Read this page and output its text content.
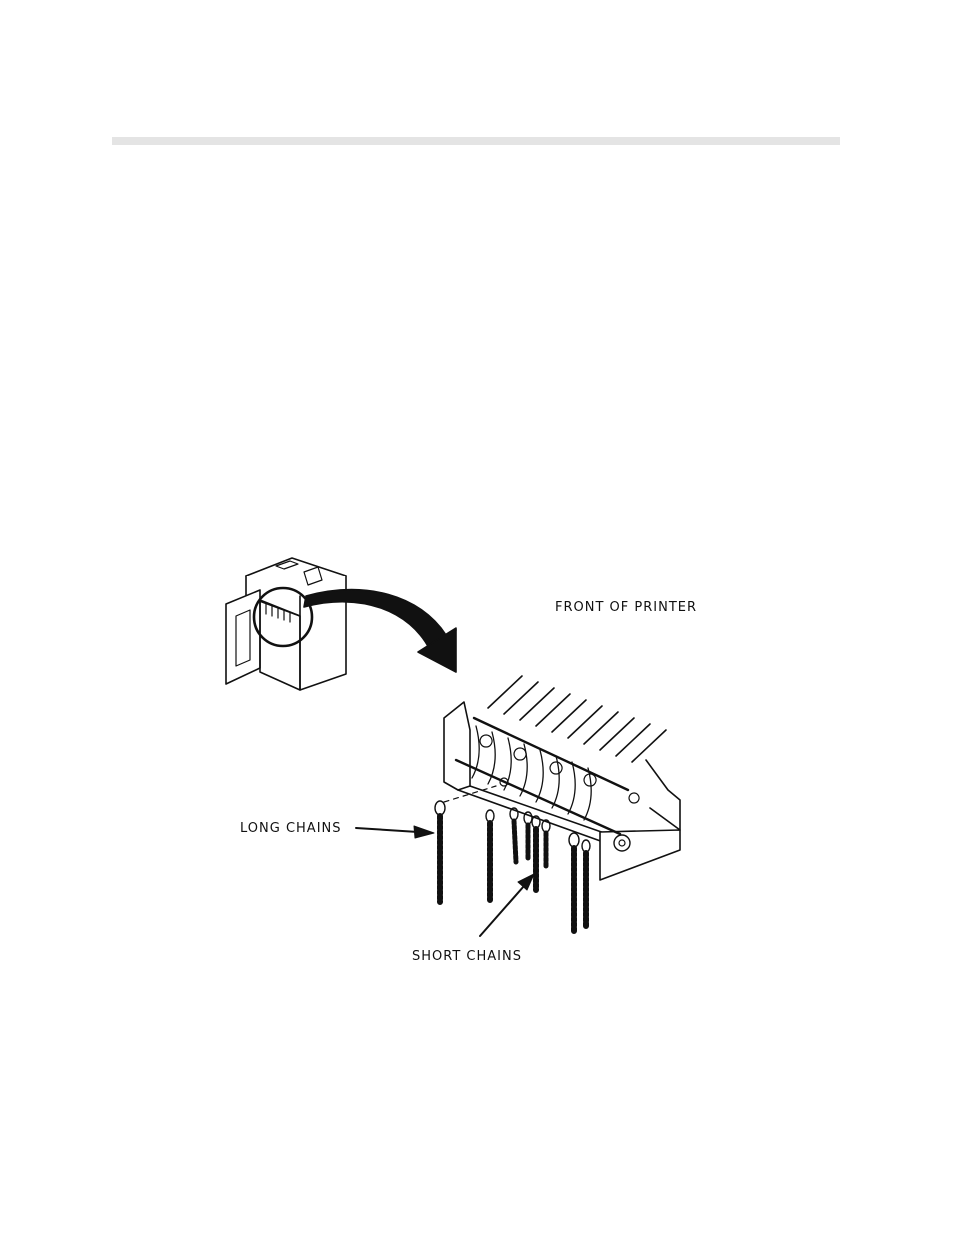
FRONT OF PRINTER
LONG CHAINS
SHORT CHAINS
